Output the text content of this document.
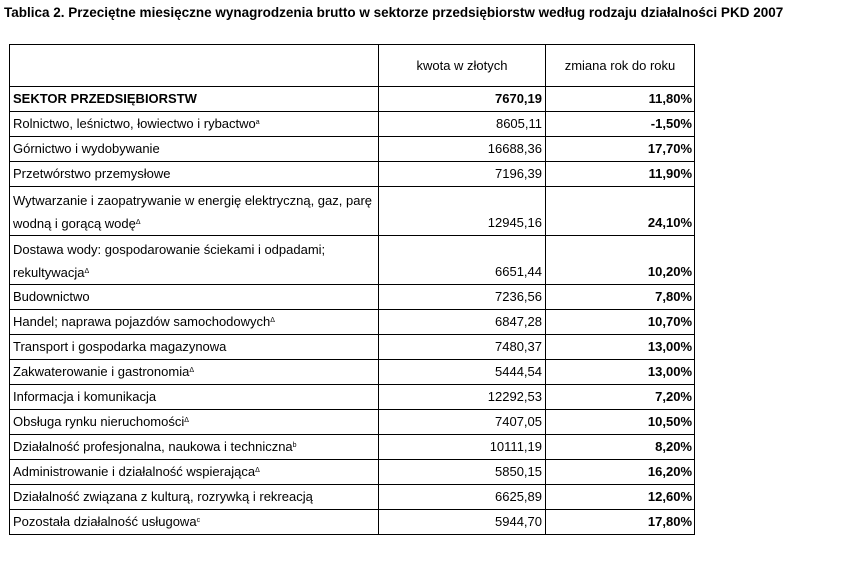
Tablica 2. Przeciętne miesięczne wynagrodzenia brutto w sektorze przedsiębiorstw według rodzaju działalności PKD 2007
	kwota w złotych	zmiana rok do roku
SEKTOR PRZEDSIĘBIORSTW	7670,19	11,80%
Rolnictwo, leśnictwo, łowiectwo i rybactwo$^a$	8605,11	-1,50%
Górnictwo i wydobywanie	16688,36	17,70%
Przetwórstwo przemysłowe	7196,39	11,90%
Wytwarzanie i zaopatrywanie w energię elektryczną, gaz, parę wodną i gorącą wodę$^\Delta$	12945,16	24,10%
Dostawa wody: gospodarowanie ściekami i odpadami; rekultywacja$^\Delta$	6651,44	10,20%
Budownictwo	7236,56	7,80%
Handel; naprawa pojazdów samochodowych$^\Delta$	6847,28	10,70%
Transport i gospodarka magazynowa	7480,37	13,00%
Zakwaterowanie i gastronomia$^\Delta$	5444,54	13,00%
Informacja i komunikacja	12292,53	7,20%
Obsługa rynku nieruchomości$^\Delta$	7407,05	10,50%
Działalność profesjonalna, naukowa i techniczna$^b$	10111,19	8,20%
Administrowanie i działalność wspierająca$^\Delta$	5850,15	16,20%
Działalność związana z kulturą, rozrywką i rekreacją	6625,89	12,60%
Pozostała działalność usługowa$^c$	5944,70	17,80%
